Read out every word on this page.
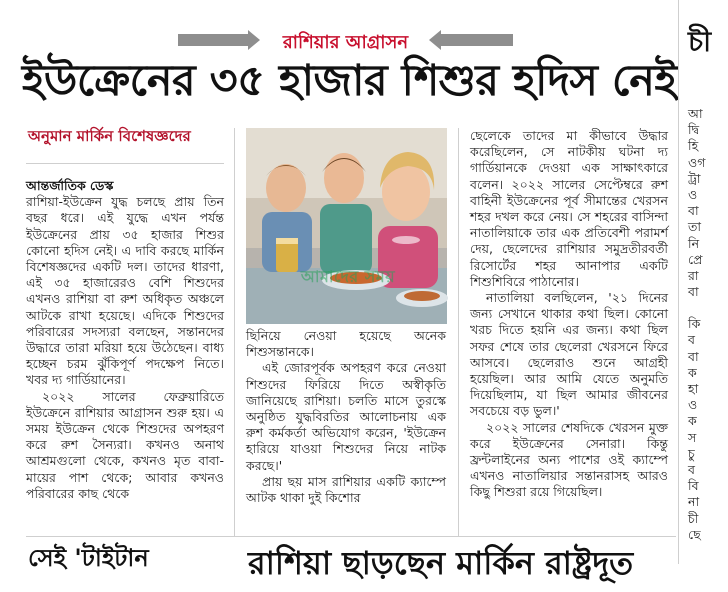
রাশিয়ার আগ্রাসন
ইউক্রেনের ৩৫ হাজার শিশুর হদিস নেই
অনুমান মার্কিন বিশেষজ্ঞদের

আন্তর্জাতিক ডেস্ক

রাশিয়া-ইউক্রেন যুদ্ধ চলছে প্রায় তিন বছর ধরে। এই যুদ্ধে এখন পর্যন্ত ইউক্রেনের প্রায় ৩৫ হাজার শিশুর কোনো হদিস নেই। এ দাবি করছে মার্কিন বিশেষজ্ঞদের একটি দল। তাদের ধারণা, এই ৩৫ হাজারেরও বেশি শিশুদের এখনও রাশিয়া বা রুশ অধিকৃত অঞ্চলে আটকে রাখা হয়েছে। এদিকে শিশুদের পরিবারের সদস্যরা বলছেন, সন্তানদের উদ্ধারে তারা মরিয়া হয়ে উঠেছেন। বাধ্য হচ্ছেন চরম ঝুঁকিপূর্ণ পদক্ষেপ নিতে। খবর দ্য গার্ডিয়ানের।

২০২২ সালের ফেব্রুয়ারিতে ইউক্রেনে রাশিয়ার আগ্রাসন শুরু হয়। এ সময় ইউক্রেন থেকে শিশুদের অপহরণ করে রুশ সৈন্যরা। কখনও অনাথ আশ্রমগুলো থেকে, কখনও মৃত বাবা-মায়ের পাশ থেকে; আবার কখনও পরিবারের কাছ থেকে

আমাদের সময়

ছিনিয়ে নেওয়া হয়েছে অনেক শিশুসন্তানকে।

এই জোরপূর্বক অপহরণ করে নেওয়া শিশুদের ফিরিয়ে দিতে অস্বীকৃতি জানিয়েছে রাশিয়া। চলতি মাসে তুরস্কে অনুষ্ঠিত যুদ্ধবিরতির আলোচনায় এক রুশ কর্মকর্তা অভিযোগ করেন, 'ইউক্রেন হারিয়ে যাওয়া শিশুদের নিয়ে নাটক করছে।'

প্রায় ছয় মাস রাশিয়ার একটি ক্যাম্পে আটক থাকা দুই কিশোর

ছেলেকে তাদের মা কীভাবে উদ্ধার করেছিলেন, সে নাটকীয় ঘটনা দ্য গার্ডিয়ানকে দেওয়া এক সাক্ষাৎকারে বলেন। ২০২২ সালের সেপ্টেম্বরে রুশ বাহিনী ইউক্রেনের পূর্ব সীমান্তের খেরসন শহর দখল করে নেয়। সে শহরের বাসিন্দা নাতালিয়াকে তার এক প্রতিবেশী পরামর্শ দেয়, ছেলেদের রাশিয়ার সমুদ্রতীরবর্তী রিসোর্টের শহর আনাপার একটি শিশুশিবিরে পাঠানোর।

নাতালিয়া বলছিলেন, '২১ দিনের জন্য সেখানে থাকার কথা ছিল। কোনো খরচ দিতে হয়নি এর জন্য। কথা ছিল সফর শেষে তার ছেলেরা খেরসনে ফিরে আসবে। ছেলেরাও শুনে আগ্রহী হয়েছিল। আর আমি যেতে অনুমতি দিয়েছিলাম, যা ছিল আমার জীবনের সবচেয়ে বড় ভুল।'

২০২২ সালের শেষদিকে খেরসন মুক্ত করে ইউক্রেনের সেনারা। কিন্তু ফ্রন্টলাইনের অন্য পাশের ওই ক্যাম্পে এখনও নাতালিয়ার সন্তানরাসহ আরও কিছু শিশুরা রয়ে গিয়েছিল।

সেই 'টাইটান	রাশিয়া ছাড়ছেন মার্কিন রাষ্ট্রদূত
চী
আ
দ্বি
হি
ওগ
ট্রা
ও
বা
তা
নি
প্রে
রা
বা
কি
ব
বা
ক
হা
ও
ক
স
চু
ব
বি
না
চী
ছে
